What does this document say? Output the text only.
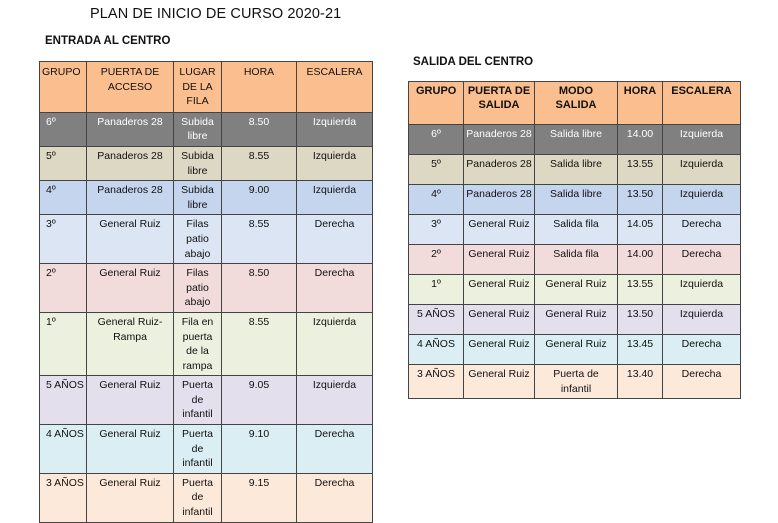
PLAN DE INICIO DE CURSO 2020-21
ENTRADA AL CENTRO
SALIDA DEL CENTRO
GRUPO	PUERTA DE ACCESO	LUGAR DE LA FILA	HORA	ESCALERA
6º	Panaderos 28	Subida libre	8.50	Izquierda
5º	Panaderos 28	Subida libre	8.55	Izquierda
4º	Panaderos 28	Subida libre	9.00	Izquierda
3º	General Ruiz	Filas patio abajo	8.55	Derecha
2º	General Ruiz	Filas patio abajo	8.50	Derecha
1º	General Ruiz-Rampa	Fila en puerta de la rampa	8.55	Izquierda
5 AÑOS	General Ruiz	Puerta de infantil	9.05	Izquierda
4 AÑOS	General Ruiz	Puerta de infantil	9.10	Derecha
3 AÑOS	General Ruiz	Puerta de infantil	9.15	Derecha
GRUPO	PUERTA DE SALIDA	MODO SALIDA	HORA	ESCALERA
6º	Panaderos 28	Salida libre	14.00	Izquierda
5º	Panaderos 28	Salida libre	13.55	Izquierda
4º	Panaderos 28	Salida libre	13.50	Izquierda
3º	General Ruiz	Salida fila	14.05	Derecha
2º	General Ruiz	Salida fila	14.00	Derecha
1º	General Ruiz	General Ruiz	13.55	Izquierda
5 AÑOS	General Ruiz	General Ruiz	13.50	Izquierda
4 AÑOS	General Ruiz	General Ruiz	13.45	Derecha
3 AÑOS	General Ruiz	Puerta de infantil	13.40	Derecha
